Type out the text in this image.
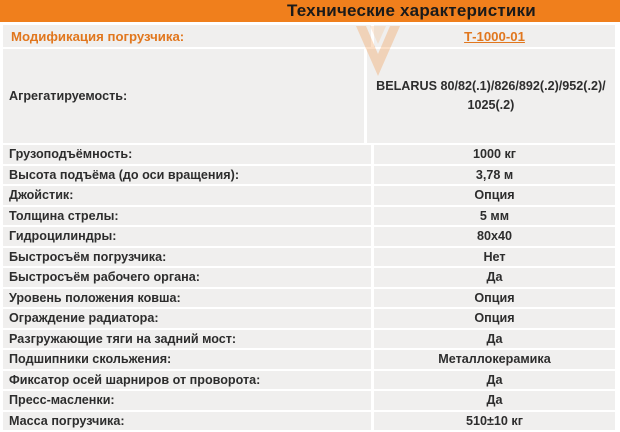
Технические характеристики
Модификация погрузчика:	Т-1000-01
Агрегатируемость:
BELARUS 80/82(.1)/826/892(.2)/952(.2)/ 1025(.2)
Грузоподъёмность:	1000 кг
Высота подъёма (до оси вращения):	3,78 м
Джойстик:	Опция
Толщина стрелы:	5 мм
Гидроцилиндры:	80х40
Быстросъём погрузчика:	Нет
Быстросъём рабочего органа:	Да
Уровень положения ковша:	Опция
Ограждение радиатора:	Опция
Разгружающие тяги на задний мост:	Да
Подшипники скольжения:	Металлокерамика
Фиксатор осей шарниров от проворота:	Да
Пресс-масленки:	Да
Масса погрузчика:	510±10 кг
